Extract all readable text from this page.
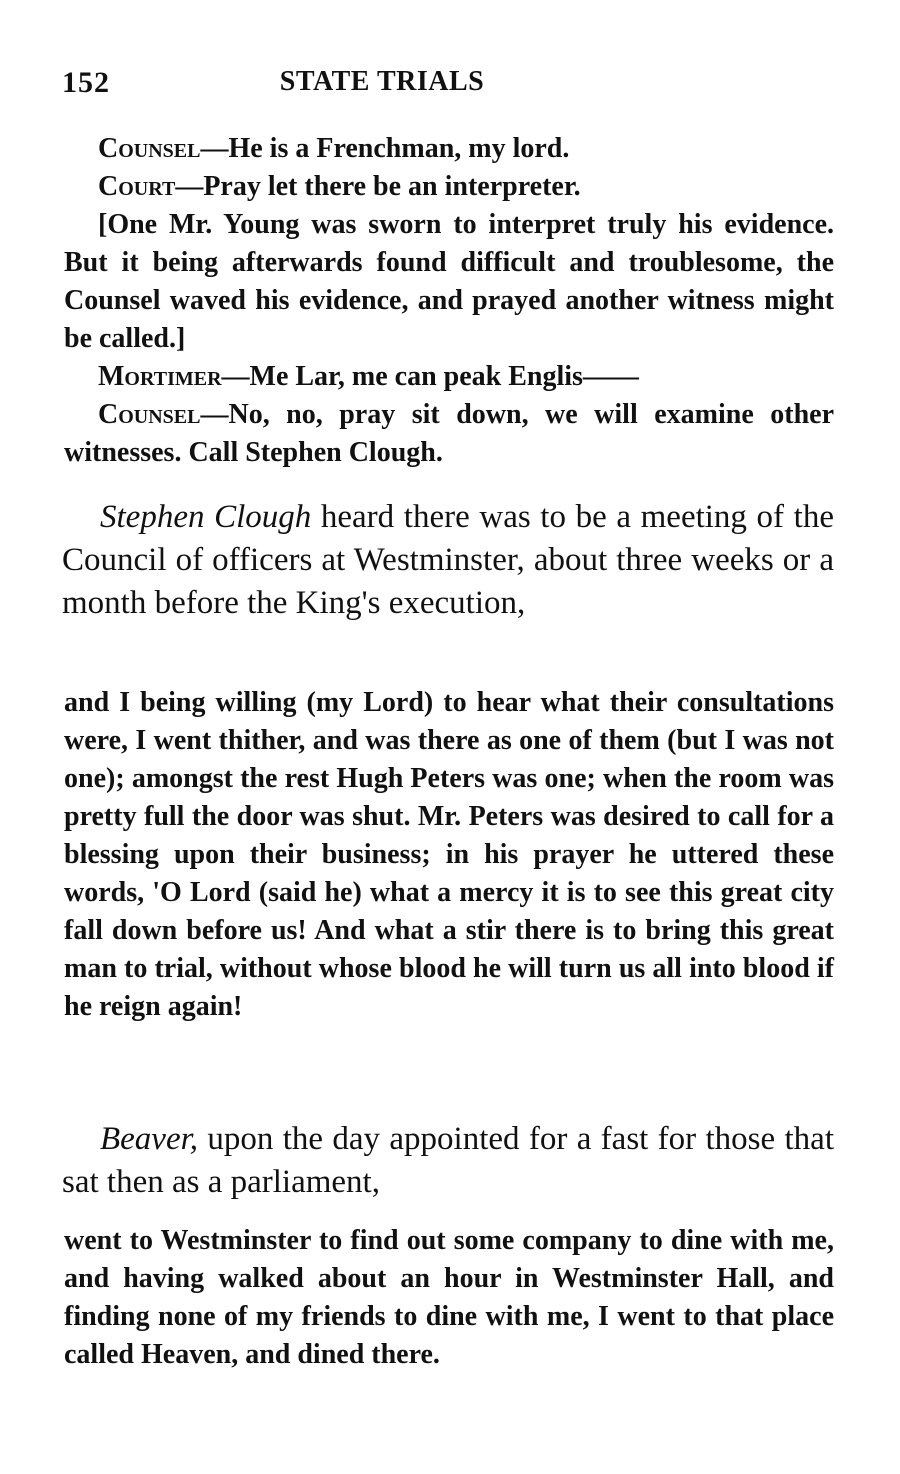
152	STATE TRIALS

Counsel—He is a Frenchman, my lord.

Court—Pray let there be an interpreter.

[One Mr. Young was sworn to interpret truly his evidence. But it being afterwards found difficult and troublesome, the Counsel waved his evidence, and prayed another witness might be called.]

Mortimer—Me Lar, me can peak Englis——

Counsel—No, no, pray sit down, we will examine other witnesses. Call Stephen Clough.

Stephen Clough heard there was to be a meeting of the Council of officers at Westminster, about three weeks or a month before the King's execution,

and I being willing (my Lord) to hear what their consultations were, I went thither, and was there as one of them (but I was not one); amongst the rest Hugh Peters was one; when the room was pretty full the door was shut. Mr. Peters was desired to call for a blessing upon their business; in his prayer he uttered these words, 'O Lord (said he) what a mercy it is to see this great city fall down before us! And what a stir there is to bring this great man to trial, without whose blood he will turn us all into blood if he reign again!

Beaver, upon the day appointed for a fast for those that sat then as a parliament,

went to Westminster to find out some company to dine with me, and having walked about an hour in Westminster Hall, and finding none of my friends to dine with me, I went to that place called Heaven, and dined there.
